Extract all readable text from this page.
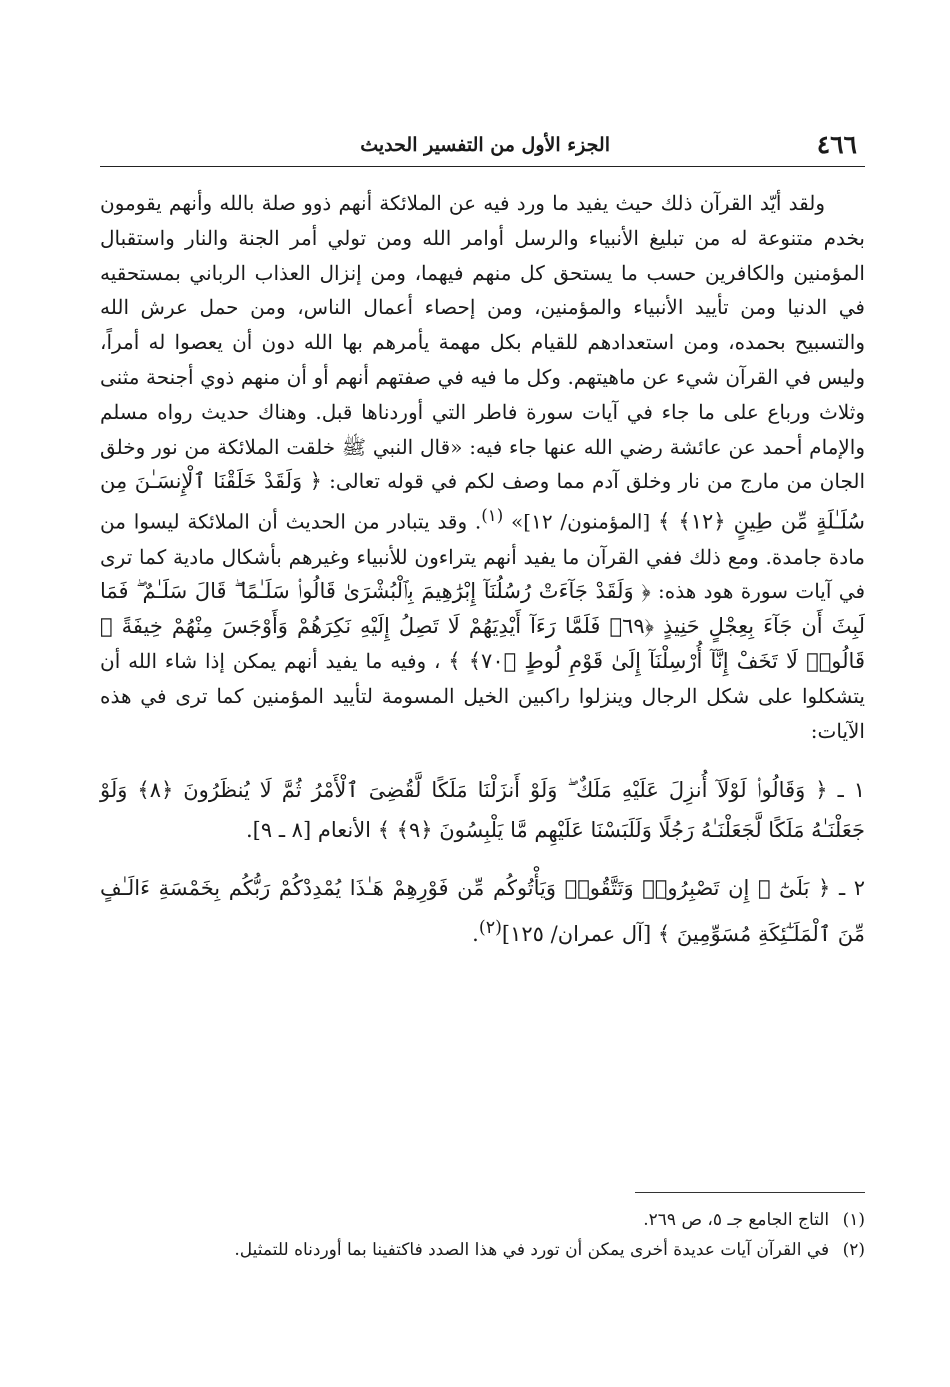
٤٦٦
الجزء الأول من التفسير الحديث

ولقد أيّد القرآن ذلك حيث يفيد ما ورد فيه عن الملائكة أنهم ذوو صلة بالله وأنهم يقومون بخدم متنوعة له من تبليغ الأنبياء والرسل أوامر الله ومن تولي أمر الجنة والنار واستقبال المؤمنين والكافرين حسب ما يستحق كل منهم فيهما، ومن إنزال العذاب الرباني بمستحقيه في الدنيا ومن تأييد الأنبياء والمؤمنين، ومن إحصاء أعمال الناس، ومن حمل عرش الله والتسبيح بحمده، ومن استعدادهم للقيام بكل مهمة يأمرهم بها الله دون أن يعصوا له أمراً، وليس في القرآن شيء عن ماهيتهم. وكل ما فيه في صفتهم أنهم أو أن منهم ذوي أجنحة مثنى وثلاث ورباع على ما جاء في آيات سورة فاطر التي أوردناها قبل. وهناك حديث رواه مسلم والإمام أحمد عن عائشة رضي الله عنها جاء فيه: «قال النبي ﷺ خلقت الملائكة من نور وخلق الجان من مارج من نار وخلق آدم مما وصف لكم في قوله تعالى: ﴿ وَلَقَدْ خَلَقْنَا ٱلْإِنسَـٰنَ مِن سُلَـٰلَةٍ مِّن طِينٍ ﴿١٢﴾ ﴾ [المؤمنون/ ١٢]» $^{(١)}$. وقد يتبادر من الحديث أن الملائكة ليسوا من مادة جامدة. ومع ذلك ففي القرآن ما يفيد أنهم يتراءون للأنبياء وغيرهم بأشكال مادية كما ترى في آيات سورة هود هذه: ﴿ وَلَقَدْ جَآءَتْ رُسُلُنَآ إِبْرَٰهِيمَ بِٱلْبُشْرَىٰ قَالُوا۟ سَلَـٰمًا ۖ قَالَ سَلَـٰمٌ ۖ فَمَا لَبِثَ أَن جَآءَ بِعِجْلٍ حَنِيذٍ ﴿٦٩﴾ فَلَمَّا رَءَآ أَيْدِيَهُمْ لَا تَصِلُ إِلَيْهِ نَكِرَهُمْ وَأَوْجَسَ مِنْهُمْ خِيفَةً ۚ قَالُوا۟ لَا تَخَفْ إِنَّآ أُرْسِلْنَآ إِلَىٰ قَوْمِ لُوطٍ ﴿٧٠﴾ ﴾ ، وفيه ما يفيد أنهم يمكن إذا شاء الله أن يتشكلوا على شكل الرجال وينزلوا راكبين الخيل المسومة لتأييد المؤمنين كما ترى في هذه الآيات:

١ ـ ﴿ وَقَالُوا۟ لَوْلَآ أُنزِلَ عَلَيْهِ مَلَكٌ ۖ وَلَوْ أَنزَلْنَا مَلَكًا لَّقُضِىَ ٱلْأَمْرُ ثُمَّ لَا يُنظَرُونَ ﴿٨﴾ وَلَوْ جَعَلْنَـٰهُ مَلَكًا لَّجَعَلْنَـٰهُ رَجُلًا وَلَلَبَسْنَا عَلَيْهِم مَّا يَلْبِسُونَ ﴿٩﴾ ﴾ الأنعام [٨ ـ ٩].

٢ ـ ﴿ بَلَىٰٓ ۚ إِن تَصْبِرُوا۟ وَتَتَّقُوا۟ وَيَأْتُوكُم مِّن فَوْرِهِمْ هَـٰذَا يُمْدِدْكُمْ رَبُّكُم بِخَمْسَةِ ءَالَـٰفٍ مِّنَ ٱلْمَلَـٰٓئِكَةِ مُسَوِّمِينَ ﴾ [آل عمران/ ١٢٥]$^{(٢)}$.

(١) التاج الجامع جـ ٥، ص ٢٦٩.

(٢) في القرآن آيات عديدة أخرى يمكن أن تورد في هذا الصدد فاكتفينا بما أوردناه للتمثيل.
